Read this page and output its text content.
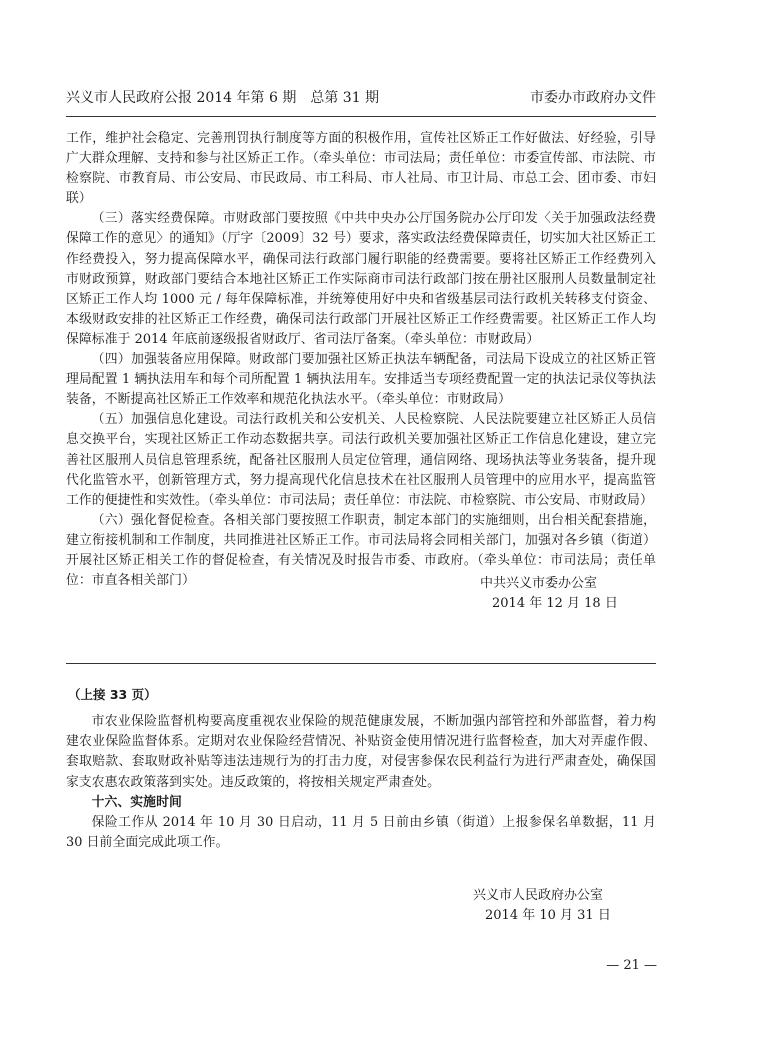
兴义市人民政府公报 2014 年第 6 期　总第 31 期	市委办市政府办文件

工作，维护社会稳定、完善刑罚执行制度等方面的积极作用，宣传社区矫正工作好做法、好经验，引导广大群众理解、支持和参与社区矫正工作。（牵头单位：市司法局；责任单位：市委宣传部、市法院、市检察院、市教育局、市公安局、市民政局、市工科局、市人社局、市卫计局、市总工会、团市委、市妇联）

（三）落实经费保障。市财政部门要按照《中共中央办公厅国务院办公厅印发〈关于加强政法经费保障工作的意见〉的通知》（厅字〔2009〕32 号）要求，落实政法经费保障责任，切实加大社区矫正工作经费投入，努力提高保障水平，确保司法行政部门履行职能的经费需要。要将社区矫正工作经费列入市财政预算，财政部门要结合本地社区矫正工作实际商市司法行政部门按在册社区服刑人员数量制定社区矫正工作人均 1000 元 / 每年保障标准，并统筹使用好中央和省级基层司法行政机关转移支付资金、本级财政安排的社区矫正工作经费，确保司法行政部门开展社区矫正工作经费需要。社区矫正工作人均保障标准于 2014 年底前逐级报省财政厅、省司法厅备案。（牵头单位：市财政局）

（四）加强装备应用保障。财政部门要加强社区矫正执法车辆配备，司法局下设成立的社区矫正管理局配置 1 辆执法用车和每个司所配置 1 辆执法用车。安排适当专项经费配置一定的执法记录仪等执法装备，不断提高社区矫正工作效率和规范化执法水平。（牵头单位：市财政局）

（五）加强信息化建设。司法行政机关和公安机关、人民检察院、人民法院要建立社区矫正人员信息交换平台，实现社区矫正工作动态数据共享。司法行政机关要加强社区矫正工作信息化建设，建立完善社区服刑人员信息管理系统，配备社区服刑人员定位管理，通信网络、现场执法等业务装备，提升现代化监管水平，创新管理方式，努力提高现代化信息技术在社区服刑人员管理中的应用水平，提高监管工作的便捷性和实效性。（牵头单位：市司法局；责任单位：市法院、市检察院、市公安局、市财政局）

（六）强化督促检查。各相关部门要按照工作职责，制定本部门的实施细则，出台相关配套措施，建立衔接机制和工作制度，共同推进社区矫正工作。市司法局将会同相关部门，加强对各乡镇（街道）开展社区矫正相关工作的督促检查，有关情况及时报告市委、市政府。（牵头单位：市司法局；责任单位：市直各相关部门）	中共兴义市委办公室
2014 年 12 月 18 日
（上接 33 页）

市农业保险监督机构要高度重视农业保险的规范健康发展，不断加强内部管控和外部监督，着力构建农业保险监督体系。定期对农业保险经营情况、补贴资金使用情况进行监督检查，加大对弄虚作假、套取赔款、套取财政补贴等违法违规行为的打击力度，对侵害参保农民利益行为进行严肃查处，确保国家支农惠农政策落到实处。违反政策的，将按相关规定严肃查处。

十六、实施时间

保险工作从 2014 年 10 月 30 日启动，11 月 5 日前由乡镇（街道）上报参保名单数据，11 月 30 日前全面完成此项工作。

兴义市人民政府办公室
2014 年 10 月 31 日
— 21 —
